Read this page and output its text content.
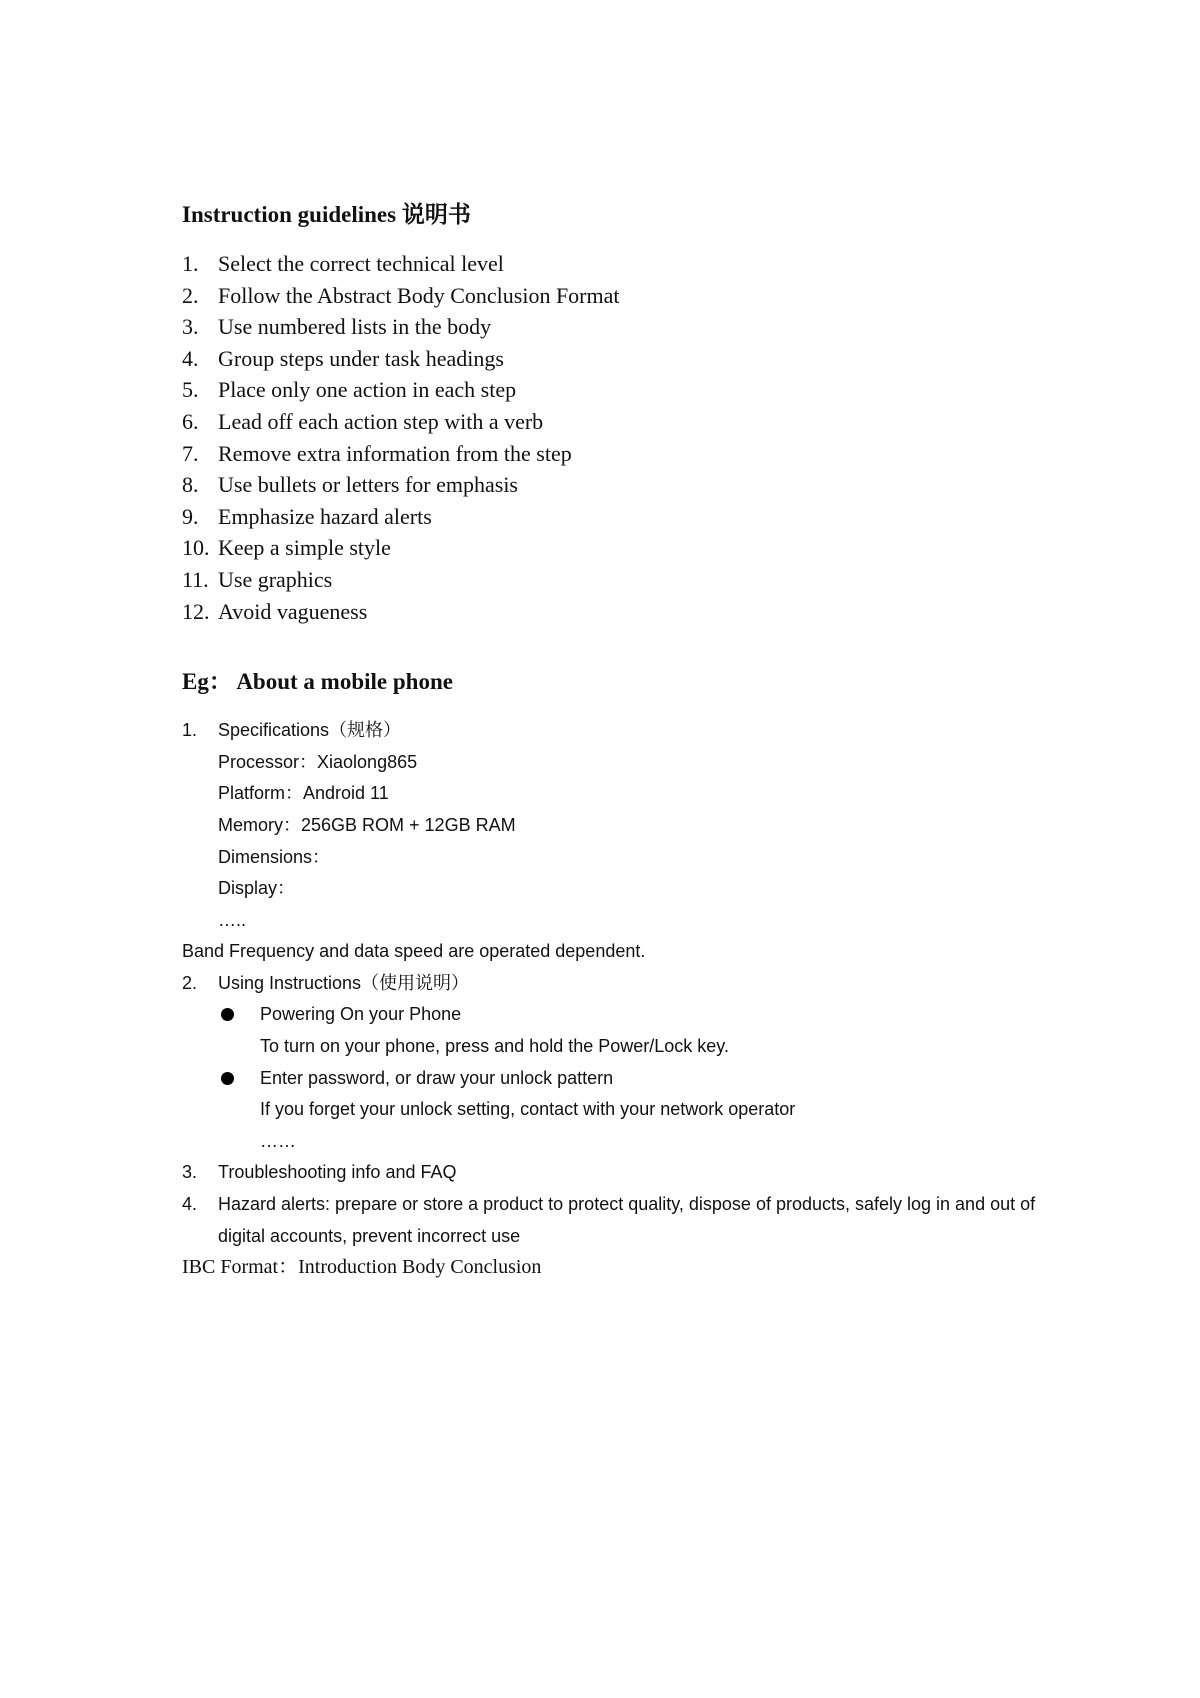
Instruction guidelines 说明书
1. Select the correct technical level
2. Follow the Abstract Body Conclusion Format
3. Use numbered lists in the body
4. Group steps under task headings
5. Place only one action in each step
6. Lead off each action step with a verb
7. Remove extra information from the step
8. Use bullets or letters for emphasis
9. Emphasize hazard alerts
10. Keep a simple style
11. Use graphics
12. Avoid vagueness
Eg： About a mobile phone
1.	Specifications（规格）
Processor：Xiaolong865
Platform：Android 11
Memory：256GB ROM + 12GB RAM
Dimensions：
Display：
…..
Band Frequency and data speed are operated dependent.
2.	Using Instructions（使用说明）
Powering On your Phone
To turn on your phone, press and hold the Power/Lock key.
Enter password, or draw your unlock pattern
If you forget your unlock setting, contact with your network operator
……
3.	Troubleshooting info and FAQ
4.	Hazard alerts: prepare or store a product to protect quality, dispose of products, safely log in and out of digital accounts, prevent incorrect use
IBC Format：Introduction Body Conclusion
